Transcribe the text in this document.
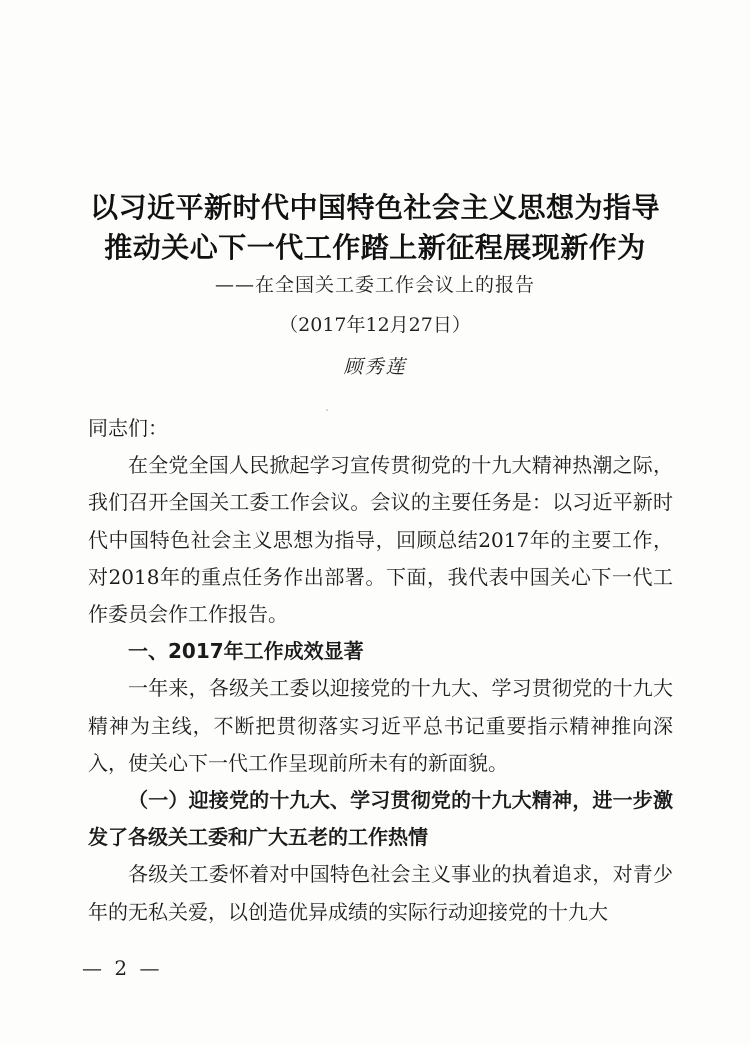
以习近平新时代中国特色社会主义思想为指导
推动关心下一代工作踏上新征程展现新作为
——在全国关工委工作会议上的报告
（2017年12月27日）
顾秀莲

同志们：

在全党全国人民掀起学习宣传贯彻党的十九大精神热潮之际，我们召开全国关工委工作会议。会议的主要任务是：以习近平新时代中国特色社会主义思想为指导，回顾总结2017年的主要工作，对2018年的重点任务作出部署。下面，我代表中国关心下一代工作委员会作工作报告。

一、2017年工作成效显著

一年来，各级关工委以迎接党的十九大、学习贯彻党的十九大精神为主线，不断把贯彻落实习近平总书记重要指示精神推向深入，使关心下一代工作呈现前所未有的新面貌。

（一）迎接党的十九大、学习贯彻党的十九大精神，进一步激发了各级关工委和广大五老的工作热情

各级关工委怀着对中国特色社会主义事业的执着追求，对青少年的无私关爱，以创造优异成绩的实际行动迎接党的十九大

— 2 —
